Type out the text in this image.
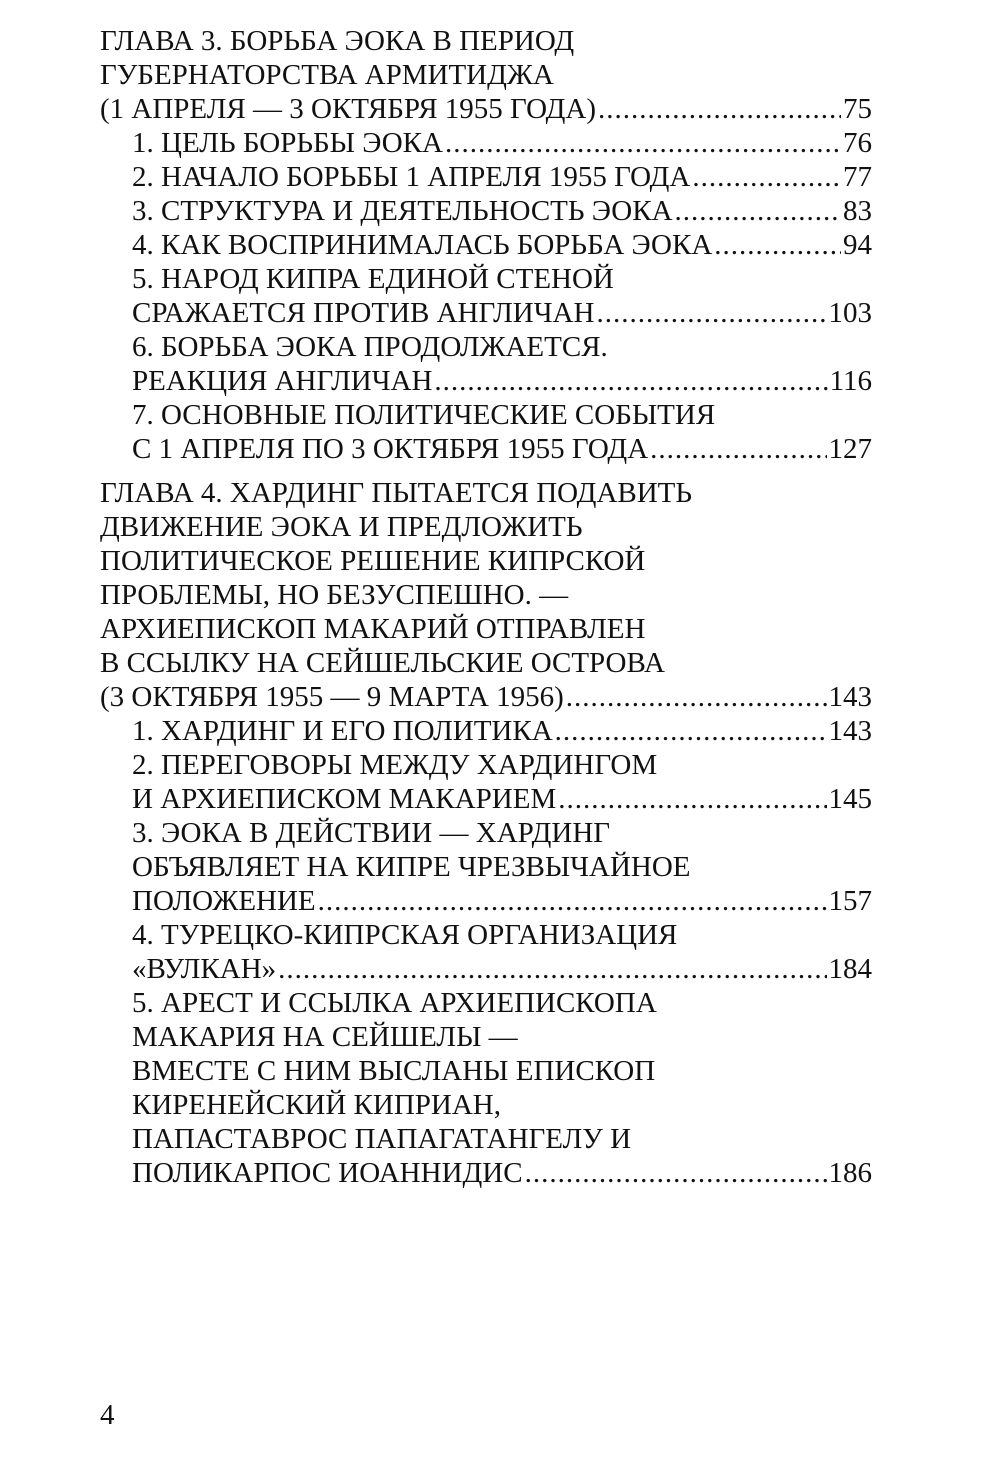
ГЛАВА 3. БОРЬБА ЭОКА В ПЕРИОД
ГУБЕРНАТОРСТВА АРМИТИДЖА
(1 АПРЕЛЯ — 3 ОКТЯБРЯ 1955 ГОДА) .....	75
1. ЦЕЛЬ БОРЬБЫ ЭОКА .....	76
2. НАЧАЛО БОРЬБЫ 1 АПРЕЛЯ 1955 ГОДА .....	77
3. СТРУКТУРА И ДЕЯТЕЛЬНОСТЬ ЭОКА .....	83
4. КАК ВОСПРИНИМАЛАСЬ БОРЬБА ЭОКА .....	94
5. НАРОД КИПРА ЕДИНОЙ СТЕНОЙ
СРАЖАЕТСЯ ПРОТИВ АНГЛИЧАН .....	103
6. БОРЬБА ЭОКА ПРОДОЛЖАЕТСЯ.
РЕАКЦИЯ АНГЛИЧАН .....	116
7. ОСНОВНЫЕ ПОЛИТИЧЕСКИЕ СОБЫТИЯ
С 1 АПРЕЛЯ ПО 3 ОКТЯБРЯ 1955 ГОДА .....	127
ГЛАВА 4. ХАРДИНГ ПЫТАЕТСЯ ПОДАВИТЬ
ДВИЖЕНИЕ ЭОКА И ПРЕДЛОЖИТЬ
ПОЛИТИЧЕСКОЕ РЕШЕНИЕ КИПРСКОЙ
ПРОБЛЕМЫ, НО БЕЗУСПЕШНО. —
АРХИЕПИСКОП МАКАРИЙ ОТПРАВЛЕН
В ССЫЛКУ НА СЕЙШЕЛЬСКИЕ ОСТРОВА
(3 ОКТЯБРЯ 1955 — 9 МАРТА 1956) .....	143
1. ХАРДИНГ И ЕГО ПОЛИТИКА .....	143
2. ПЕРЕГОВОРЫ МЕЖДУ ХАРДИНГОМ
И АРХИЕПИСКОМ МАКАРИЕМ .....	145
3. ЭОКА В ДЕЙСТВИИ — ХАРДИНГ
ОБЪЯВЛЯЕТ НА КИПРЕ ЧРЕЗВЫЧАЙНОЕ
ПОЛОЖЕНИЕ .....	157
4. ТУРЕЦКО-КИПРСКАЯ ОРГАНИЗАЦИЯ
«ВУЛКАН» .....	184
5. АРЕСТ И ССЫЛКА АРХИЕПИСКОПА
МАКАРИЯ НА СЕЙШЕЛЫ —
ВМЕСТЕ С НИМ ВЫСЛАНЫ ЕПИСКОП
КИРЕНЕЙСКИЙ КИПРИАН,
ПАПАСТАВРОС ПАПАГАТАНГЕЛУ И
ПОЛИКАРПОС ИОАННИДИС .....	186
4
